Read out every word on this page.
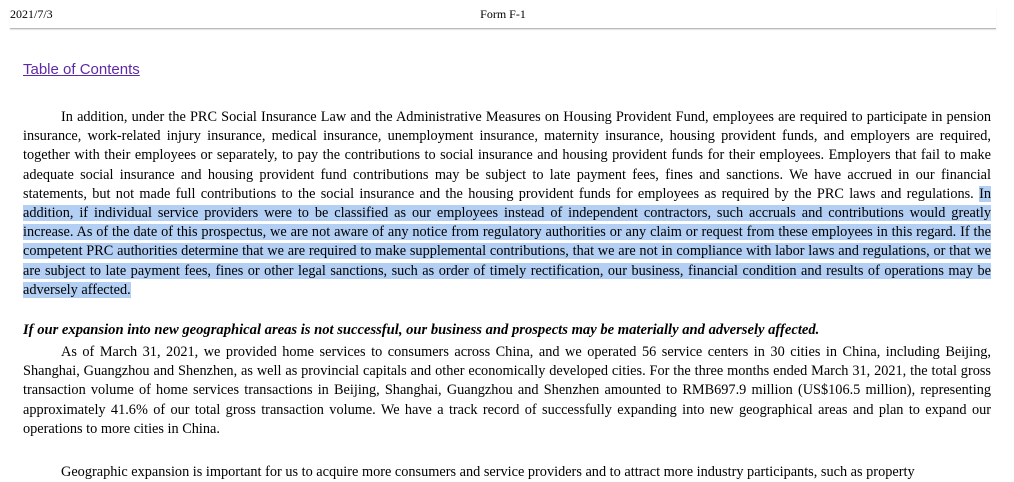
2021/7/3	Form F-1
Table of Contents

In addition, under the PRC Social Insurance Law and the Administrative Measures on Housing Provident Fund, employees are required to participate in pension insurance, work-related injury insurance, medical insurance, unemployment insurance, maternity insurance, housing provident funds, and employers are required, together with their employees or separately, to pay the contributions to social insurance and housing provident funds for their employees. Employers that fail to make adequate social insurance and housing provident fund contributions may be subject to late payment fees, fines and sanctions. We have accrued in our financial statements, but not made full contributions to the social insurance and the housing provident funds for employees as required by the PRC laws and regulations. In addition, if individual service providers were to be classified as our employees instead of independent contractors, such accruals and contributions would greatly increase. As of the date of this prospectus, we are not aware of any notice from regulatory authorities or any claim or request from these employees in this regard. If the competent PRC authorities determine that we are required to make supplemental contributions, that we are not in compliance with labor laws and regulations, or that we are subject to late payment fees, fines or other legal sanctions, such as order of timely rectification, our business, financial condition and results of operations may be adversely affected.

If our expansion into new geographical areas is not successful, our business and prospects may be materially and adversely affected.

As of March 31, 2021, we provided home services to consumers across China, and we operated 56 service centers in 30 cities in China, including Beijing, Shanghai, Guangzhou and Shenzhen, as well as provincial capitals and other economically developed cities. For the three months ended March 31, 2021, the total gross transaction volume of home services transactions in Beijing, Shanghai, Guangzhou and Shenzhen amounted to RMB697.9 million (US$106.5 million), representing approximately 41.6% of our total gross transaction volume. We have a track record of successfully expanding into new geographical areas and plan to expand our operations to more cities in China.

Geographic expansion is important for us to acquire more consumers and service providers and to attract more industry participants, such as property
